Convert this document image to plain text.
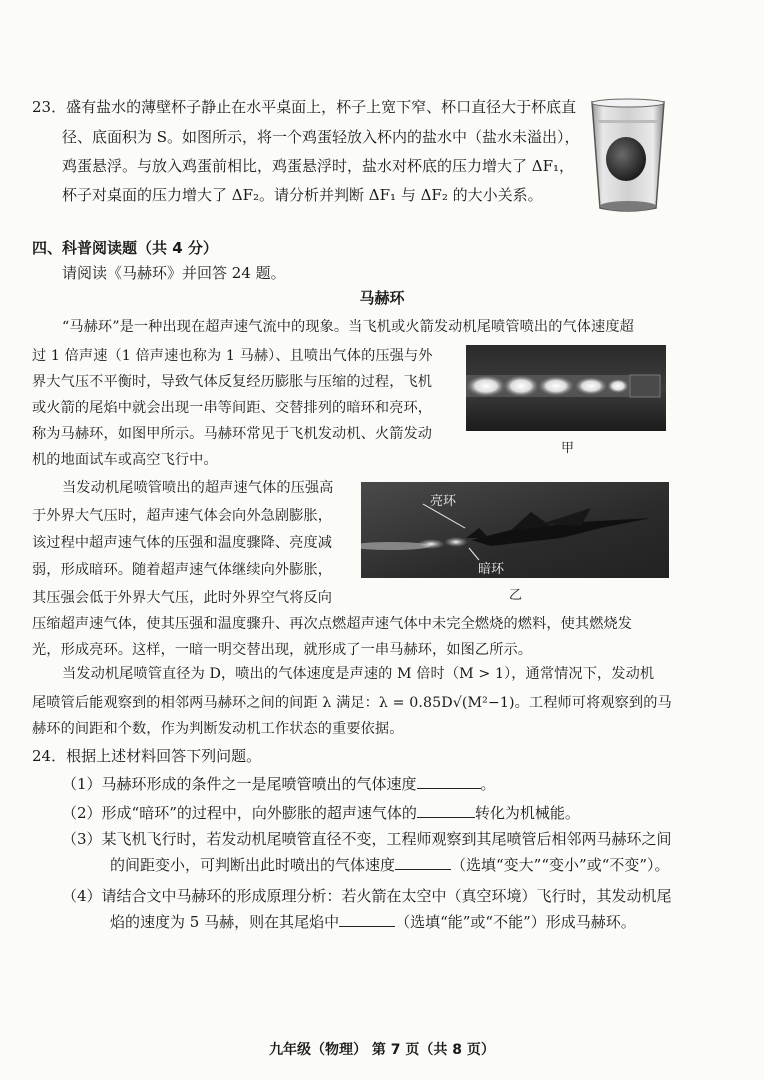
23．盛有盐水的薄壁杯子静止在水平桌面上，杯子上宽下窄、杯口直径大于杯底直
径、底面积为 S。如图所示，将一个鸡蛋轻放入杯内的盐水中（盐水未溢出），
鸡蛋悬浮。与放入鸡蛋前相比，鸡蛋悬浮时，盐水对杯底的压力增大了 ΔF₁，
杯子对桌面的压力增大了 ΔF₂。请分析并判断 ΔF₁ 与 ΔF₂ 的大小关系。
四、科普阅读题（共 4 分）
请阅读《马赫环》并回答 24 题。
马赫环
“马赫环”是一种出现在超声速气流中的现象。当飞机或火箭发动机尾喷管喷出的气体速度超
过 1 倍声速（1 倍声速也称为 1 马赫）、且喷出气体的压强与外
界大气压不平衡时，导致气体反复经历膨胀与压缩的过程，飞机
或火箭的尾焰中就会出现一串等间距、交替排列的暗环和亮环，
称为马赫环，如图甲所示。马赫环常见于飞机发动机、火箭发动
机的地面试车或高空飞行中。
甲
当发动机尾喷管喷出的超声速气体的压强高
于外界大气压时，超声速气体会向外急剧膨胀，
该过程中超声速气体的压强和温度骤降、亮度减
弱，形成暗环。随着超声速气体继续向外膨胀，
其压强会低于外界大气压，此时外界空气将反向
压缩超声速气体，使其压强和温度骤升、再次点燃超声速气体中未完全燃烧的燃料，使其燃烧发
光，形成亮环。这样，一暗一明交替出现，就形成了一串马赫环，如图乙所示。
亮环
暗环
乙
当发动机尾喷管直径为 D，喷出的气体速度是声速的 M 倍时（M > 1），通常情况下，发动机
尾喷管后能观察到的相邻两马赫环之间的间距 λ 满足：λ = 0.85D√(M²−1)。工程师可将观察到的马
赫环的间距和个数，作为判断发动机工作状态的重要依据。
24．根据上述材料回答下列问题。
（1）马赫环形成的条件之一是尾喷管喷出的气体速度	。
（2）形成“暗环”的过程中，向外膨胀的超声速气体的	转化为机械能。
（3）某飞机飞行时，若发动机尾喷管直径不变，工程师观察到其尾喷管后相邻两马赫环之间
的间距变小，可判断出此时喷出的气体速度	（选填“变大”“变小”或“不变”）。
（4）请结合文中马赫环的形成原理分析：若火箭在太空中（真空环境）飞行时，其发动机尾
焰的速度为 5 马赫，则在其尾焰中	（选填“能”或“不能”）形成马赫环。
九年级（物理） 第 7 页（共 8 页）
